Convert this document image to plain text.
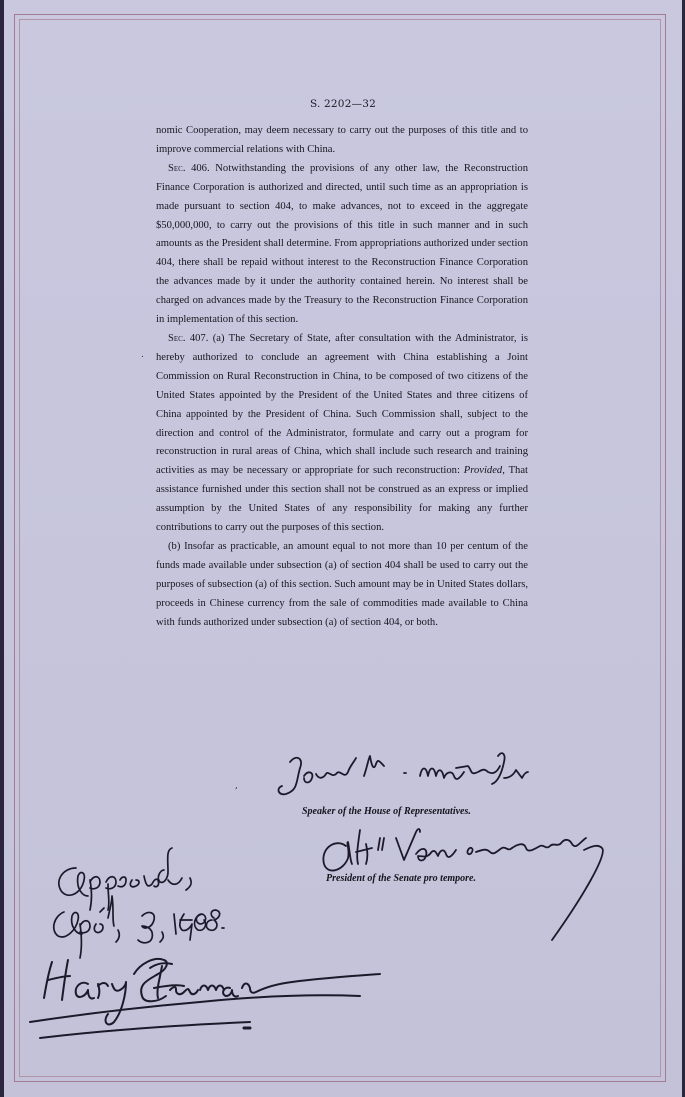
S. 2202—32

nomic Cooperation, may deem necessary to carry out the purposes of this title and to improve commercial relations with China.

Sec. 406. Notwithstanding the provisions of any other law, the Reconstruction Finance Corporation is authorized and directed, until such time as an appropriation is made pursuant to section 404, to make advances, not to exceed in the aggregate $50,000,000, to carry out the provisions of this title in such manner and in such amounts as the President shall determine. From appropriations authorized under section 404, there shall be repaid without interest to the Reconstruction Finance Corporation the advances made by it under the authority contained herein. No interest shall be charged on advances made by the Treasury to the Reconstruction Finance Corporation in implementation of this section.

Sec. 407. (a) The Secretary of State, after consultation with the Administrator, is hereby authorized to conclude an agreement with China establishing a Joint Commission on Rural Reconstruction in China, to be composed of two citizens of the United States appointed by the President of the United States and three citizens of China appointed by the President of China. Such Commission shall, subject to the direction and control of the Administrator, formulate and carry out a program for reconstruction in rural areas of China, which shall include such research and training activities as may be necessary or appropriate for such reconstruction: Provided, That assistance furnished under this section shall not be construed as an express or implied assumption by the United States of any responsibility for making any further contributions to carry out the purposes of this section.

(b) Insofar as practicable, an amount equal to not more than 10 per centum of the funds made available under subsection (a) of section 404 shall be used to carry out the purposes of subsection (a) of this section. Such amount may be in United States dollars, proceeds in Chinese currency from the sale of commodities made available to China with funds authorized under subsection (a) of section 404, or both.

.
,
Speaker of the House of Representatives.
President of the Senate pro tempore.
